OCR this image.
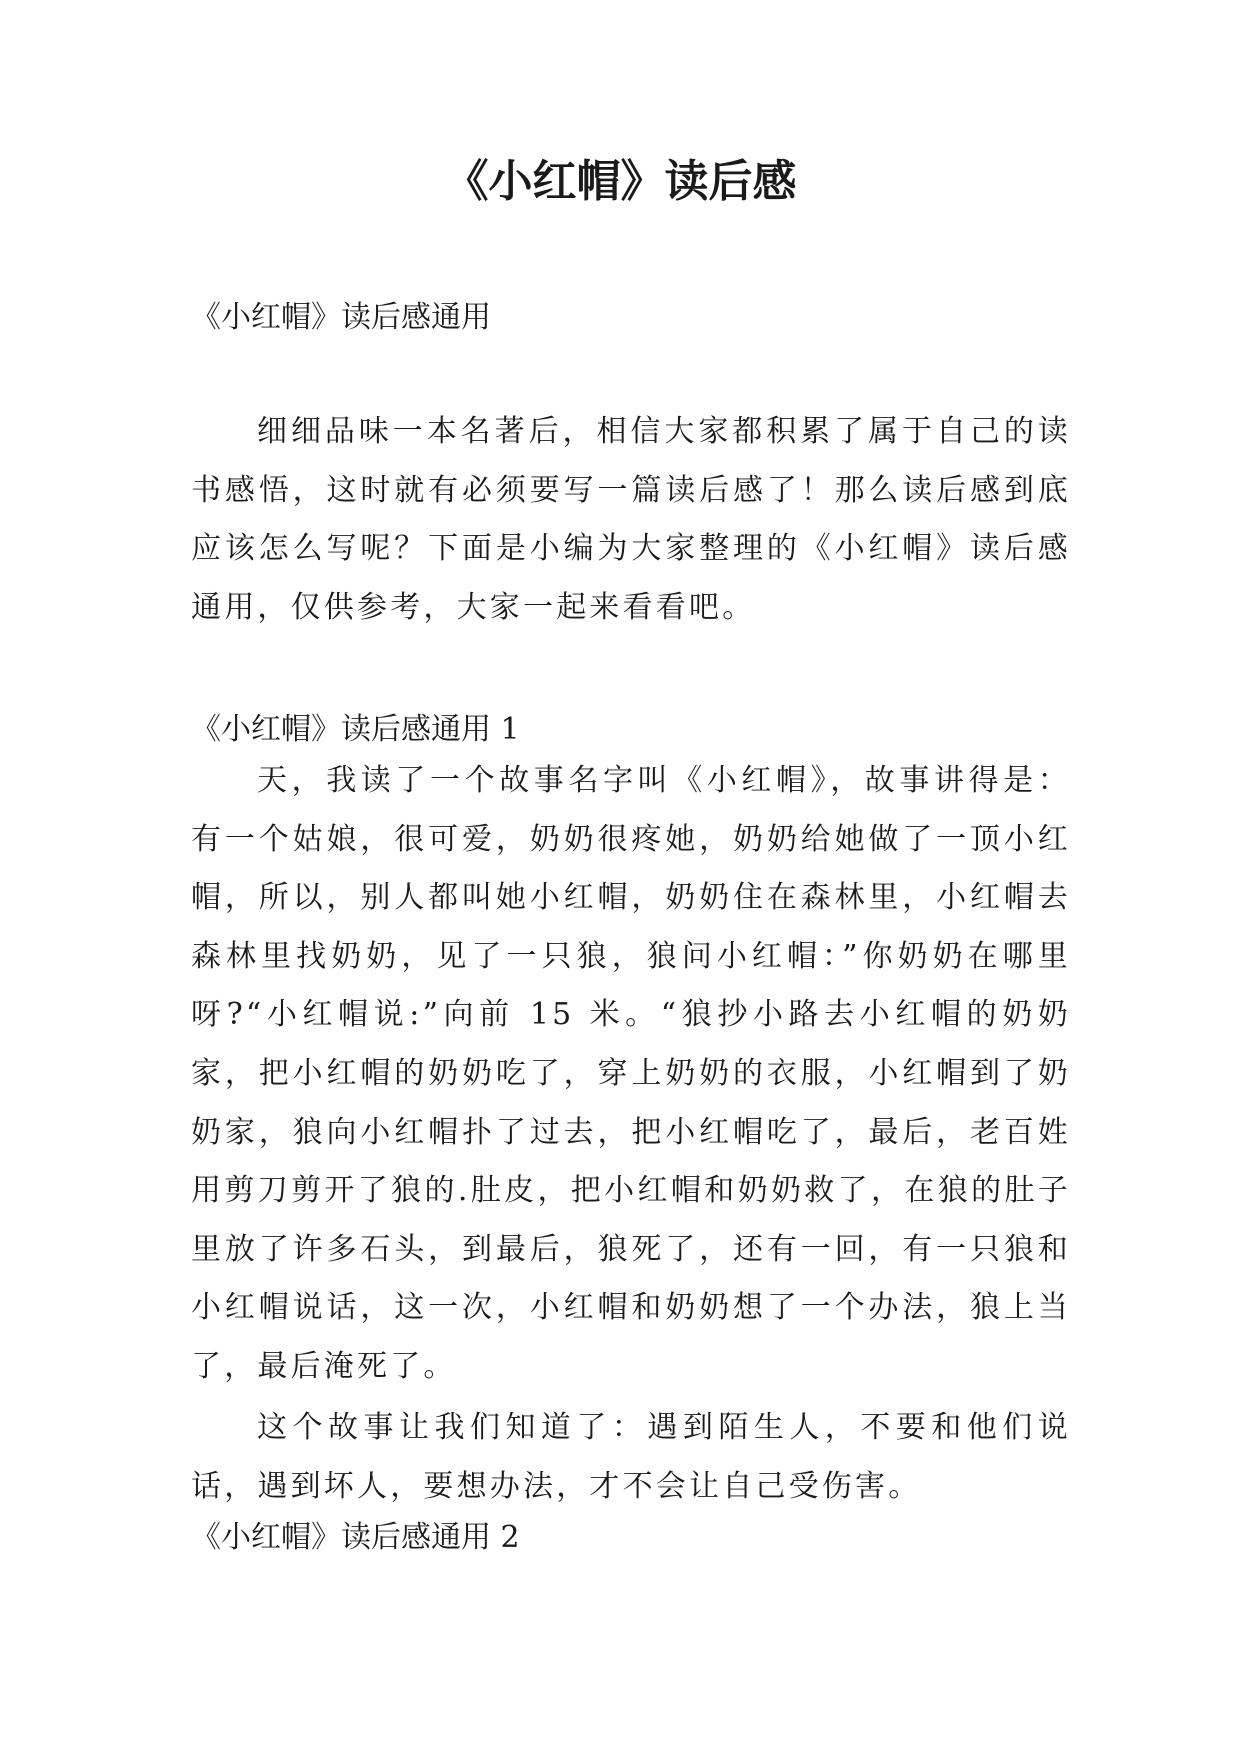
《小红帽》读后感

《小红帽》读后感通用

细细品味一本名著后，相信大家都积累了属于自己的读书感悟，这时就有必须要写一篇读后感了！那么读后感到底应该怎么写呢？下面是小编为大家整理的《小红帽》读后感通用，仅供参考，大家一起来看看吧。

《小红帽》读后感通用 1

天，我读了一个故事名字叫《小红帽》，故事讲得是：有一个姑娘，很可爱，奶奶很疼她，奶奶给她做了一顶小红帽，所以，别人都叫她小红帽，奶奶住在森林里，小红帽去森林里找奶奶，见了一只狼，狼问小红帽：”你奶奶在哪里呀?“小红帽说:”向前 15 米。“狼抄小路去小红帽的奶奶家，把小红帽的奶奶吃了，穿上奶奶的衣服，小红帽到了奶奶家，狼向小红帽扑了过去，把小红帽吃了，最后，老百姓用剪刀剪开了狼的.肚皮，把小红帽和奶奶救了，在狼的肚子里放了许多石头，到最后，狼死了，还有一回，有一只狼和小红帽说话，这一次，小红帽和奶奶想了一个办法，狼上当了，最后淹死了。

这个故事让我们知道了：遇到陌生人，不要和他们说话，遇到坏人，要想办法，才不会让自己受伤害。

《小红帽》读后感通用 2
